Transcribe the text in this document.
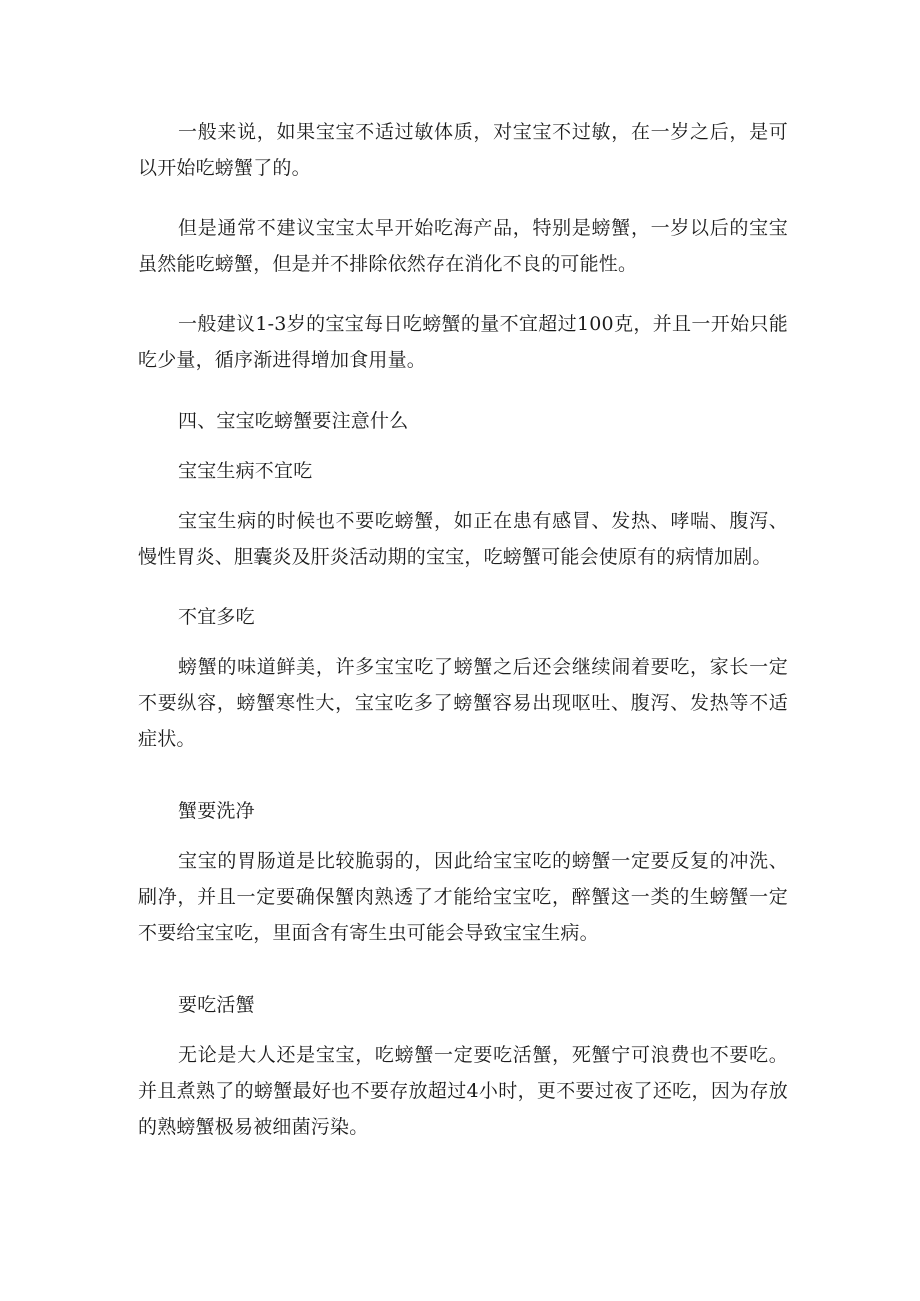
一般来说，如果宝宝不适过敏体质，对宝宝不过敏，在一岁之后，是可以开始吃螃蟹了的。

但是通常不建议宝宝太早开始吃海产品，特别是螃蟹，一岁以后的宝宝虽然能吃螃蟹，但是并不排除依然存在消化不良的可能性。

一般建议1-3岁的宝宝每日吃螃蟹的量不宜超过100克，并且一开始只能吃少量，循序渐进得增加食用量。

四、宝宝吃螃蟹要注意什么

宝宝生病不宜吃

宝宝生病的时候也不要吃螃蟹，如正在患有感冒、发热、哮喘、腹泻、慢性胃炎、胆囊炎及肝炎活动期的宝宝，吃螃蟹可能会使原有的病情加剧。

不宜多吃

螃蟹的味道鲜美，许多宝宝吃了螃蟹之后还会继续闹着要吃，家长一定不要纵容，螃蟹寒性大，宝宝吃多了螃蟹容易出现呕吐、腹泻、发热等不适症状。

蟹要洗净

宝宝的胃肠道是比较脆弱的，因此给宝宝吃的螃蟹一定要反复的冲洗、刷净，并且一定要确保蟹肉熟透了才能给宝宝吃，醉蟹这一类的生螃蟹一定不要给宝宝吃，里面含有寄生虫可能会导致宝宝生病。

要吃活蟹

无论是大人还是宝宝，吃螃蟹一定要吃活蟹，死蟹宁可浪费也不要吃。并且煮熟了的螃蟹最好也不要存放超过4小时，更不要过夜了还吃，因为存放的熟螃蟹极易被细菌污染。
